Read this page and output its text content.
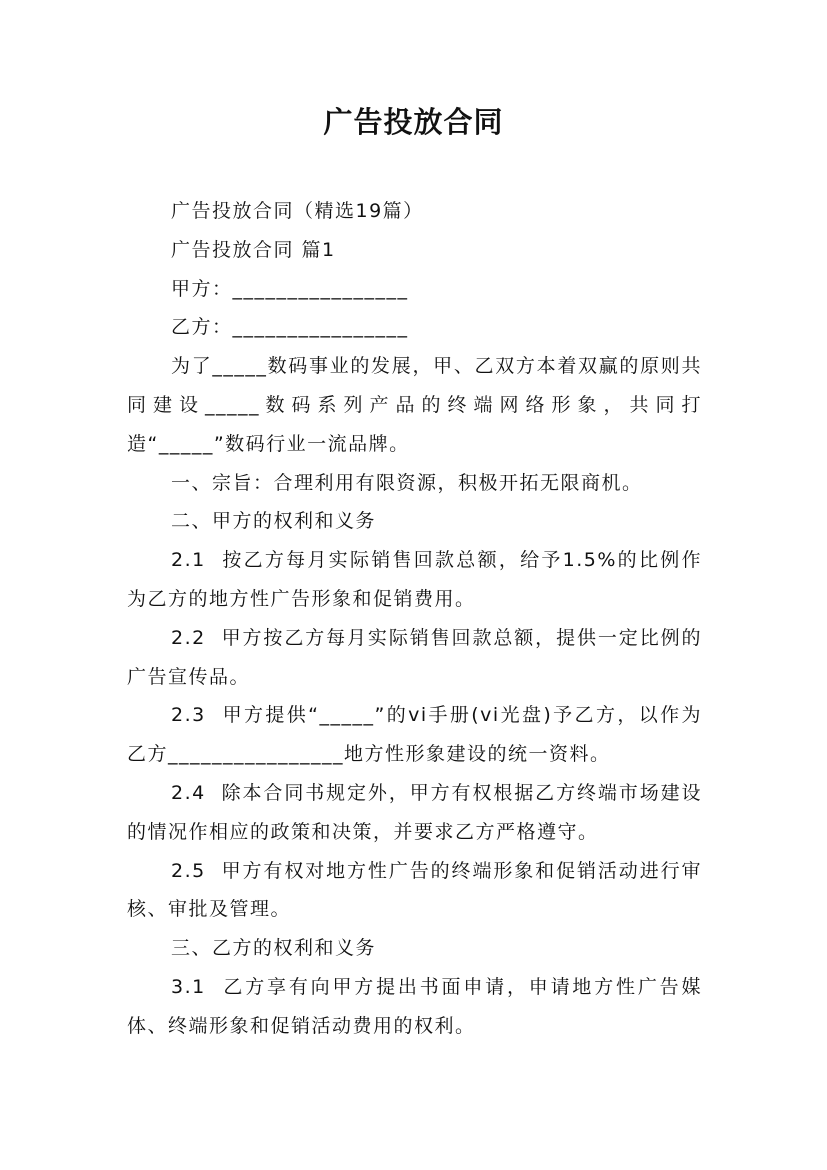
广告投放合同

广告投放合同（精选19篇）

广告投放合同 篇1

甲方：________________

乙方：________________

为了_____数码事业的发展，甲、乙双方本着双赢的原则共同建设_____数码系列产品的终端网络形象，共同打造“_____”数码行业一流品牌。

一、宗旨：合理利用有限资源，积极开拓无限商机。

二、甲方的权利和义务

2.1  按乙方每月实际销售回款总额，给予1.5%的比例作为乙方的地方性广告形象和促销费用。

2.2  甲方按乙方每月实际销售回款总额，提供一定比例的广告宣传品。

2.3  甲方提供“_____”的vi手册(vi光盘)予乙方，以作为乙方________________地方性形象建设的统一资料。

2.4  除本合同书规定外，甲方有权根据乙方终端市场建设的情况作相应的政策和决策，并要求乙方严格遵守。

2.5  甲方有权对地方性广告的终端形象和促销活动进行审核、审批及管理。

三、乙方的权利和义务

3.1  乙方享有向甲方提出书面申请，申请地方性广告媒体、终端形象和促销活动费用的权利。
